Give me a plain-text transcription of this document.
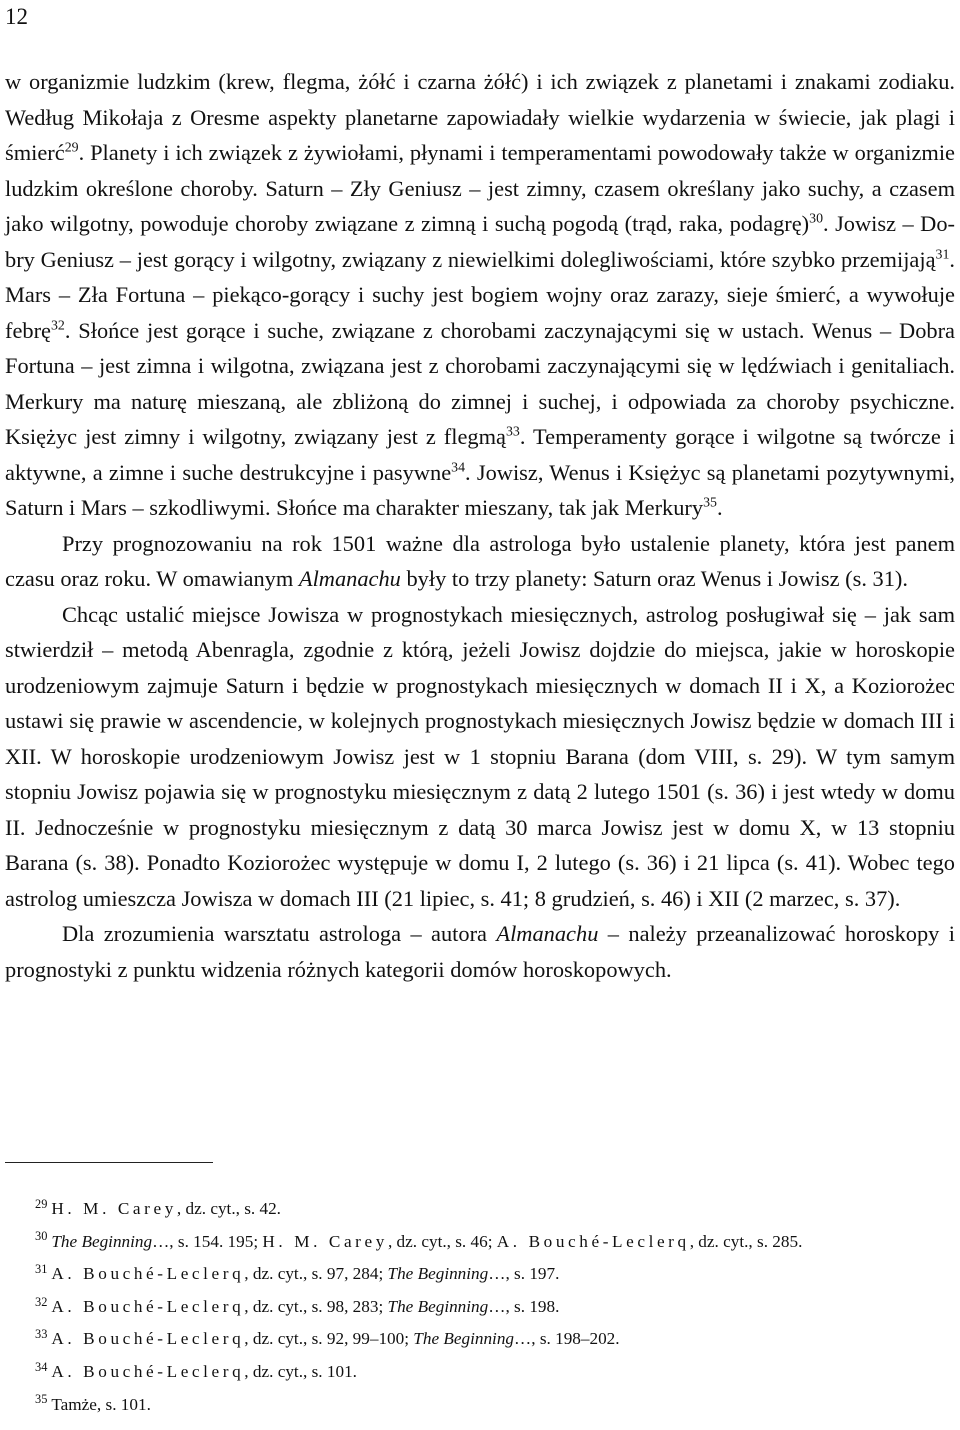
12

w organizmie ludzkim (krew, flegma, żółć i czarna żółć) i ich związek z planetami i znakami zodiaku. Według Mikołaja z Oresme aspekty planetarne zapowiadały wielkie wydarzenia w świecie, jak plagi i śmierć$^{29}$. Planety i ich związek z żywiołami, płynami i temperamentami powodowały także w organizmie ludzkim określone choroby. Saturn – Zły Geniusz – jest zimny, czasem określany jako suchy, a czasem jako wilgotny, powoduje choroby związane z zimną i suchą pogodą (trąd, raka, podagrę)$^{30}$. Jowisz – Dobry Geniusz – jest gorący i wilgotny, związany z niewielkimi dolegliwościami, które szybko przemijają$^{31}$. Mars – Zła Fortuna – piekąco-gorący i suchy jest bogiem wojny oraz zarazy, sieje śmierć, a wywołuje febrę$^{32}$. Słońce jest gorące i suche, związane z chorobami zaczynającymi się w ustach. Wenus – Dobra Fortuna – jest zimna i wilgotna, związana jest z chorobami zaczynającymi się w lędźwiach i genitaliach. Merkury ma naturę mieszaną, ale zbliżoną do zimnej i suchej, i odpowiada za choroby psychiczne. Księżyc jest zimny i wilgotny, związany jest z flegmą$^{33}$. Temperamenty gorące i wilgotne są twórcze i aktywne, a zimne i suche destrukcyjne i pasywne$^{34}$. Jowisz, Wenus i Księżyc są planetami pozytywnymi, Saturn i Mars – szkodliwymi. Słońce ma charakter mieszany, tak jak Merkury$^{35}$.

Przy prognozowaniu na rok 1501 ważne dla astrologa było ustalenie planety, która jest panem czasu oraz roku. W omawianym Almanachu były to trzy planety: Saturn oraz Wenus i Jowisz (s. 31).

Chcąc ustalić miejsce Jowisza w prognostykach miesięcznych, astrolog posługiwał się – jak sam stwierdził – metodą Abenragla, zgodnie z którą, jeżeli Jowisz dojdzie do miejsca, jakie w horoskopie urodzeniowym zajmuje Saturn i będzie w prognostykach miesięcznych w domach II i X, a Koziorożec ustawi się prawie w ascendencie, w kolejnych prognostykach miesięcznych Jowisz będzie w domach III i XII. W horoskopie urodzeniowym Jowisz jest w 1 stopniu Barana (dom VIII, s. 29). W tym samym stopniu Jowisz pojawia się w prognostyku miesięcznym z datą 2 lutego 1501 (s. 36) i jest wtedy w domu II. Jednocześnie w prognostyku miesięcznym z datą 30 marca Jowisz jest w domu X, w 13 stopniu Barana (s. 38). Ponadto Koziorożec występuje w domu I, 2 lutego (s. 36) i 21 lipca (s. 41). Wobec tego astrolog umieszcza Jowisza w domach III (21 lipiec, s. 41; 8 grudzień, s. 46) i XII (2 marzec, s. 37).

Dla zrozumienia warsztatu astrologa – autora Almanachu – należy przeanalizować horoskopy i prognostyki z punktu widzenia różnych kategorii domów horoskopowych.

$^{29}$ H. M. Carey, dz. cyt., s. 42.

$^{30}$ The Beginning…, s. 154. 195; H. M. Carey, dz. cyt., s. 46; A. Bouché-Leclerq, dz. cyt., s. 285.

$^{31}$ A. Bouché-Leclerq, dz. cyt., s. 97, 284; The Beginning…, s. 197.

$^{32}$ A. Bouché-Leclerq, dz. cyt., s. 98, 283; The Beginning…, s. 198.

$^{33}$ A. Bouché-Leclerq, dz. cyt., s. 92, 99–100; The Beginning…, s. 198–202.

$^{34}$ A. Bouché-Leclerq, dz. cyt., s. 101.

$^{35}$ Tamże, s. 101.
